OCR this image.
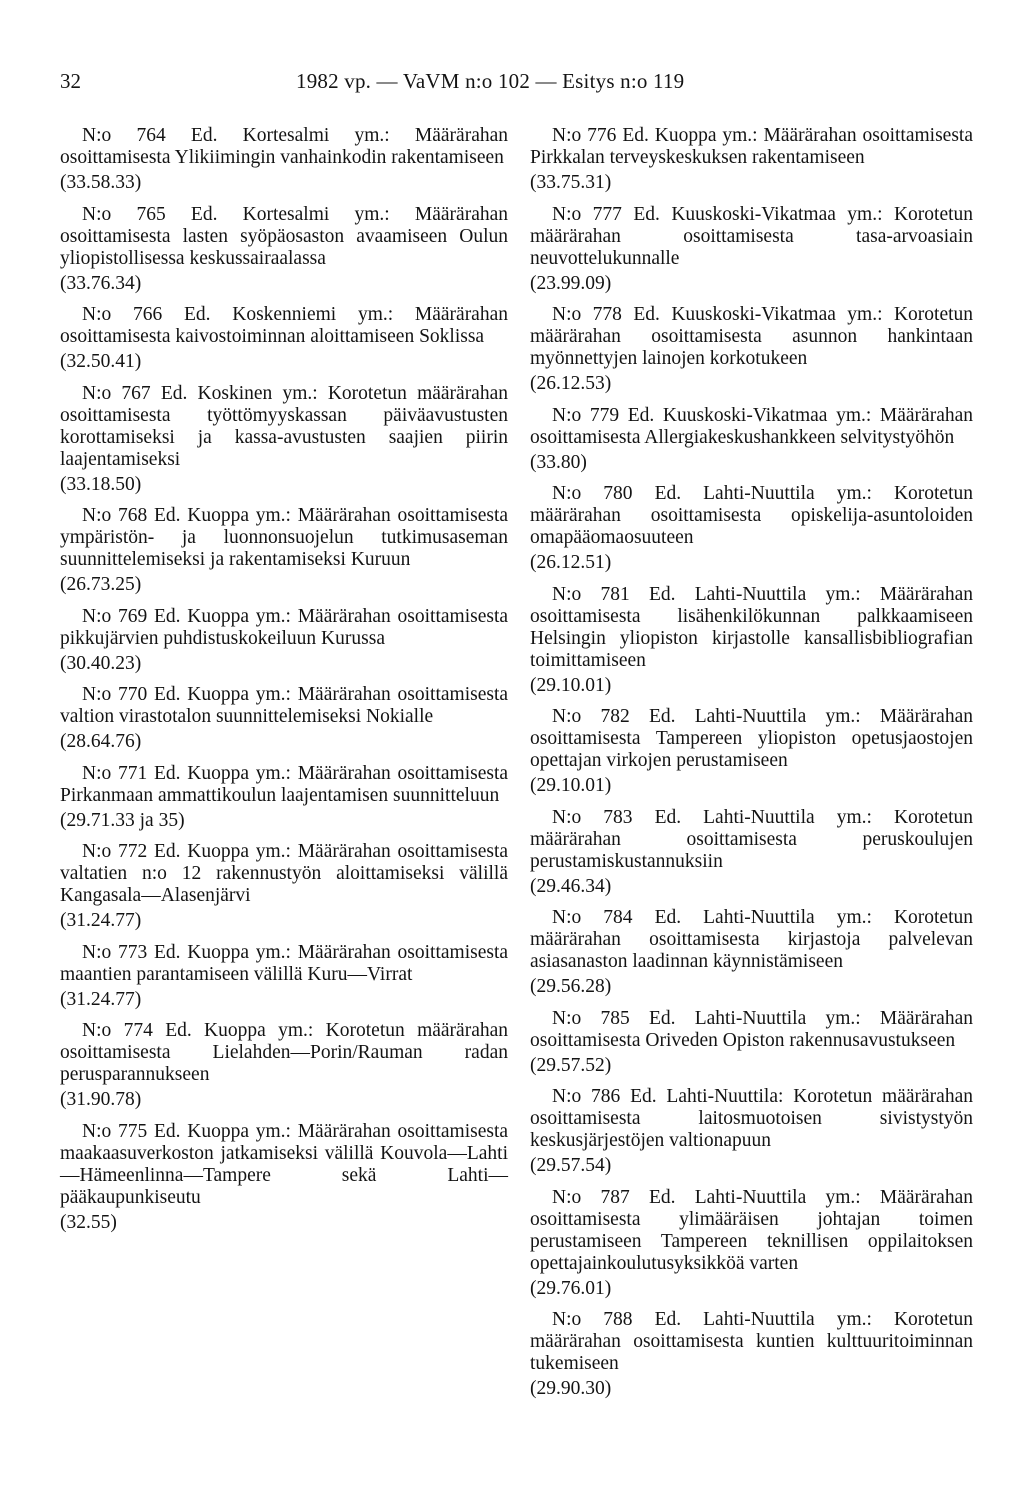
32	1982 vp. — VaVM n:o 102 — Esitys n:o 119
N:o 764 Ed. Kortesalmi ym.: Määrärahan osoittamisesta Ylikiimingin vanhainkodin rakentamiseen
(33.58.33)
N:o 765 Ed. Kortesalmi ym.: Määrärahan osoittamisesta lasten syöpäosaston avaamiseen Oulun yliopistollisessa keskussairaalassa
(33.76.34)
N:o 766 Ed. Koskenniemi ym.: Määrärahan osoittamisesta kaivostoiminnan aloittamiseen Soklissa
(32.50.41)
N:o 767 Ed. Koskinen ym.: Korotetun määrärahan osoittamisesta työttömyyskassan päiväavustusten korottamiseksi ja kassa-avustusten saajien piirin laajentamiseksi
(33.18.50)
N:o 768 Ed. Kuoppa ym.: Määrärahan osoittamisesta ympäristön- ja luonnonsuojelun tutkimusaseman suunnittelemiseksi ja rakentamiseksi Kuruun
(26.73.25)
N:o 769 Ed. Kuoppa ym.: Määrärahan osoittamisesta pikkujärvien puhdistuskokeiluun Kurussa
(30.40.23)
N:o 770 Ed. Kuoppa ym.: Määrärahan osoittamisesta valtion virastotalon suunnittelemiseksi Nokialle
(28.64.76)
N:o 771 Ed. Kuoppa ym.: Määrärahan osoittamisesta Pirkanmaan ammattikoulun laajentamisen suunnitteluun
(29.71.33 ja 35)
N:o 772 Ed. Kuoppa ym.: Määrärahan osoittamisesta valtatien n:o 12 rakennustyön aloittamiseksi välillä Kangasala—Alasenjärvi
(31.24.77)
N:o 773 Ed. Kuoppa ym.: Määrärahan osoittamisesta maantien parantamiseen välillä Kuru—Virrat
(31.24.77)
N:o 774 Ed. Kuoppa ym.: Korotetun määrärahan osoittamisesta Lielahden—Porin/Rauman radan perusparannukseen
(31.90.78)
N:o 775 Ed. Kuoppa ym.: Määrärahan osoittamisesta maakaasuverkoston jatkamiseksi välillä Kouvola—Lahti—Hämeenlinna—Tampere sekä Lahti—pääkaupunkiseutu
(32.55)
N:o 776 Ed. Kuoppa ym.: Määrärahan osoittamisesta Pirkkalan terveyskeskuksen rakentamiseen
(33.75.31)
N:o 777 Ed. Kuuskoski-Vikatmaa ym.: Korotetun määrärahan osoittamisesta tasa-arvoasiain neuvottelukunnalle
(23.99.09)
N:o 778 Ed. Kuuskoski-Vikatmaa ym.: Korotetun määrärahan osoittamisesta asunnon hankintaan myönnettyjen lainojen korkotukeen
(26.12.53)
N:o 779 Ed. Kuuskoski-Vikatmaa ym.: Määrärahan osoittamisesta Allergiakeskushankkeen selvitystyöhön
(33.80)
N:o 780 Ed. Lahti-Nuuttila ym.: Korotetun määrärahan osoittamisesta opiskelija-asuntoloiden omapääomaosuuteen
(26.12.51)
N:o 781 Ed. Lahti-Nuuttila ym.: Määrärahan osoittamisesta lisähenkilökunnan palkkaamiseen Helsingin yliopiston kirjastolle kansallisbibliografian toimittamiseen
(29.10.01)
N:o 782 Ed. Lahti-Nuuttila ym.: Määrärahan osoittamisesta Tampereen yliopiston opetusjaostojen opettajan virkojen perustamiseen
(29.10.01)
N:o 783 Ed. Lahti-Nuuttila ym.: Korotetun määrärahan osoittamisesta peruskoulujen perustamiskustannuksiin
(29.46.34)
N:o 784 Ed. Lahti-Nuuttila ym.: Korotetun määrärahan osoittamisesta kirjastoja palvelevan asiasanaston laadinnan käynnistämiseen
(29.56.28)
N:o 785 Ed. Lahti-Nuuttila ym.: Määrärahan osoittamisesta Oriveden Opiston rakennusavustukseen
(29.57.52)
N:o 786 Ed. Lahti-Nuuttila: Korotetun määrärahan osoittamisesta laitosmuotoisen sivistystyön keskusjärjestöjen valtionapuun
(29.57.54)
N:o 787 Ed. Lahti-Nuuttila ym.: Määrärahan osoittamisesta ylimääräisen johtajan toimen perustamiseen Tampereen teknillisen oppilaitoksen opettajainkoulutusyksikköä varten
(29.76.01)
N:o 788 Ed. Lahti-Nuuttila ym.: Korotetun määrärahan osoittamisesta kuntien kulttuuritoiminnan tukemiseen
(29.90.30)
